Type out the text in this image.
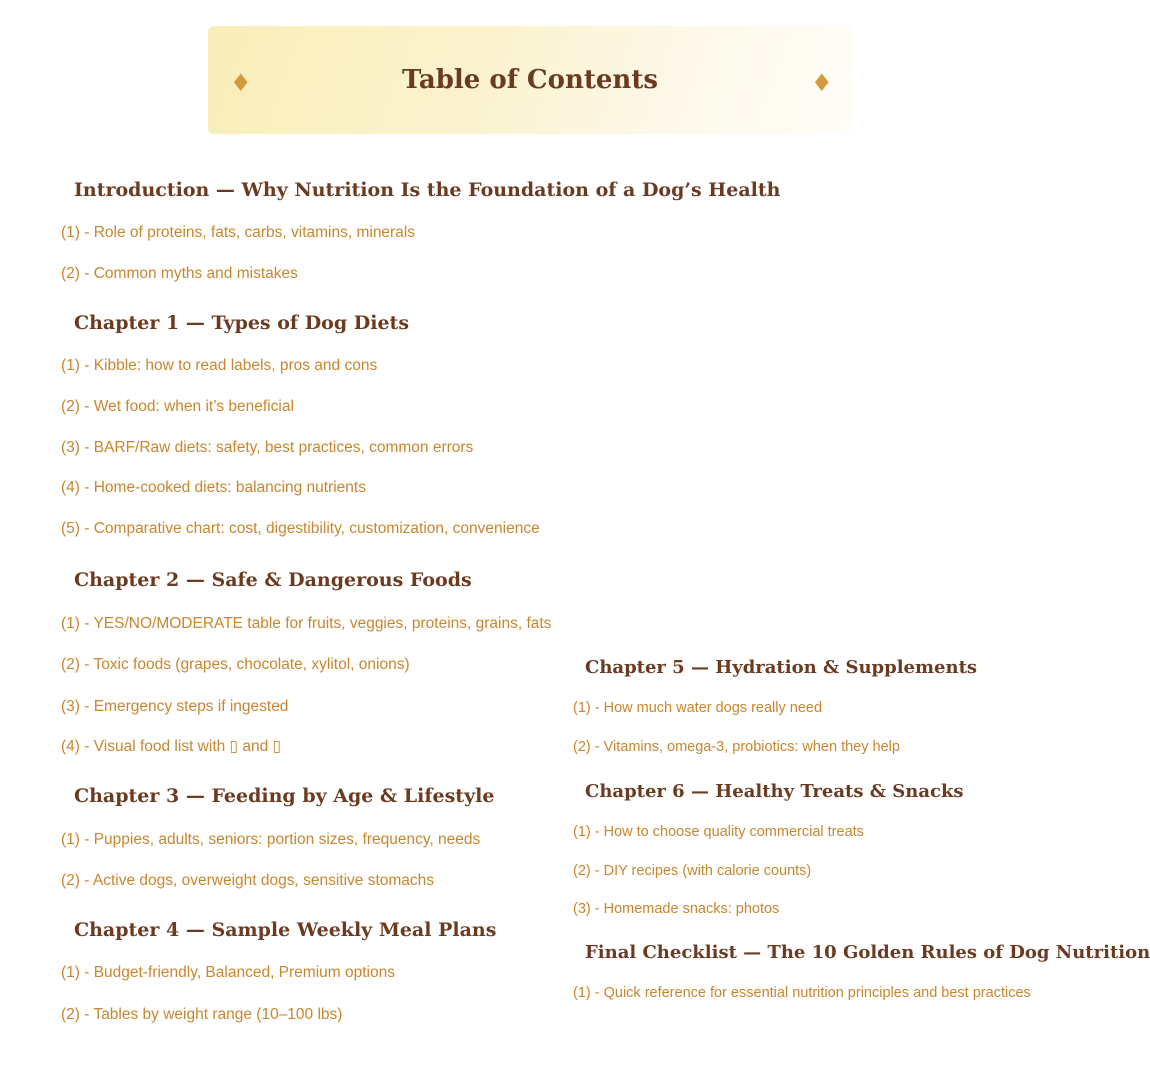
♦	♦
Table of Contents
Introduction — Why Nutrition Is the Foundation of a Dog’s Health

(1) - Role of proteins, fats, carbs, vitamins, minerals

(2) - Common myths and mistakes

Chapter 1 — Types of Dog Diets

(1) - Kibble: how to read labels, pros and cons

(2) - Wet food: when it’s beneficial

(3) - BARF/Raw diets: safety, best practices, common errors

(4) - Home-cooked diets: balancing nutrients

(5) - Comparative chart: cost, digestibility, customization, convenience

Chapter 2 — Safe & Dangerous Foods

(1) - YES/NO/MODERATE table for fruits, veggies, proteins, grains, fats

(2) - Toxic foods (grapes, chocolate, xylitol, onions)

(3) - Emergency steps if ingested

(4) - Visual food list with ▯ and ▯

Chapter 3 — Feeding by Age & Lifestyle

(1) - Puppies, adults, seniors: portion sizes, frequency, needs

(2) - Active dogs, overweight dogs, sensitive stomachs

Chapter 4 — Sample Weekly Meal Plans

(1) - Budget-friendly, Balanced, Premium options

(2) - Tables by weight range (10–100 lbs)

Chapter 5 — Hydration & Supplements

(1) - How much water dogs really need

(2) - Vitamins, omega-3, probiotics: when they help

Chapter 6 — Healthy Treats & Snacks

(1) - How to choose quality commercial treats

(2) - DIY recipes (with calorie counts)

(3) - Homemade snacks: photos

Final Checklist — The 10 Golden Rules of Dog Nutrition

(1) - Quick reference for essential nutrition principles and best practices
